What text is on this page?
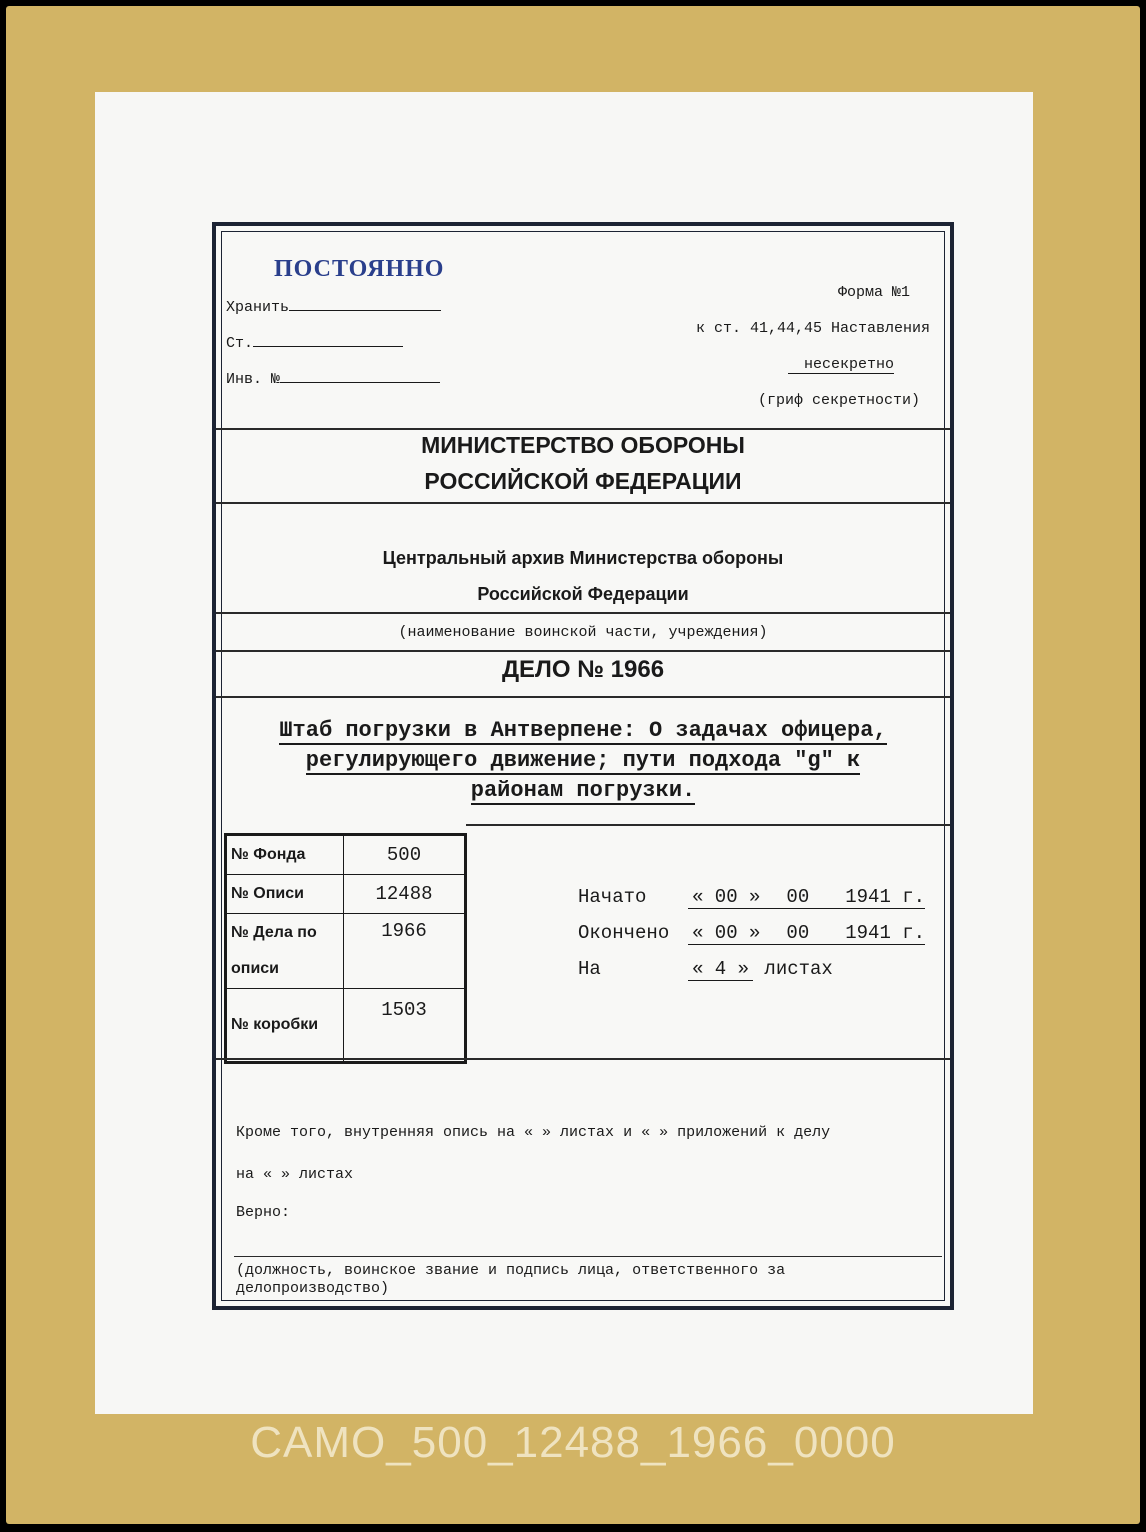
ПОСТОЯННО
Хранить
Ст.
Инв. №
Форма №1
к ст. 41,44,45 Наставления
несекретно
(гриф секретности)
МИНИСТЕРСТВО ОБОРОНЫ
РОССИЙСКОЙ ФЕДЕРАЦИИ
Центральный архив Министерства обороны
Российской Федерации
(наименование воинской части, учреждения)
ДЕЛО № 1966
Штаб погрузки в Антверпене: О задачах офицера,
регулирующего движение; пути подхода "g" к
районам погрузки.
№ Фонда	500
№ Описи	12488
№ Дела по описи	1966
№ коробки	1503
Начато « 00 » 00 1941 г.
Окончено « 00 » 00 1941 г.
На	« 4 » листах
Кроме того, внутренняя опись на « » листах и « » приложений к делу
на « » листах
Верно:
(должность, воинское звание и подпись лица, ответственного за
делопроизводство)
CAMO_500_12488_1966_0000
